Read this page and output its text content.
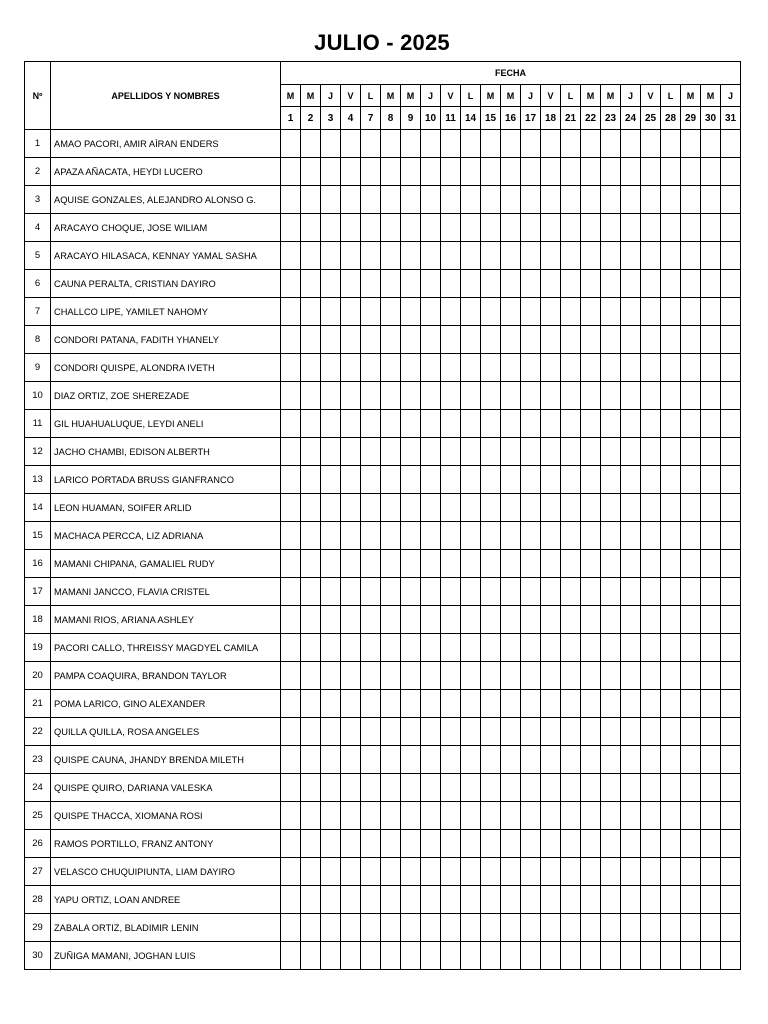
JULIO - 2025
Nº	APELLIDOS Y NOMBRES	FECHA																						
		M	M	J	V	L	M	M	J	V	L	M	M	J	V	L	M	M	J	V	L	M	M	J
		1	2	3	4	7	8	9	10	11	14	15	16	17	18	21	22	23	24	25	28	29	30	31
1	AMAO PACORI, AMIR AÌRAN ENDERS																							
2	APAZA AÑACATA, HEYDI LUCERO																							
3	AQUISE GONZALES, ALEJANDRO ALONSO G.																							
4	ARACAYO CHOQUE, JOSE WILIAM																							
5	ARACAYO HILASACA, KENNAY YAMAL SASHA																							
6	CAUNA PERALTA, CRISTIAN DAYIRO																							
7	CHALLCO LIPE, YAMILET NAHOMY																							
8	CONDORI PATANA, FADITH YHANELY																							
9	CONDORI QUISPE, ALONDRA IVETH																							
10	DIAZ ORTIZ, ZOE SHEREZADE																							
11	GIL HUAHUALUQUE, LEYDI ANELI																							
12	JACHO CHAMBI, EDISON ALBERTH																							
13	LARICO PORTADA BRUSS GIANFRANCO																							
14	LEON HUAMAN, SOIFER ARLID																							
15	MACHACA PERCCA, LIZ ADRIANA																							
16	MAMANI CHIPANA, GAMALIEL RUDY																							
17	MAMANI JANCCO, FLAVIA CRISTEL																							
18	MAMANI RIOS, ARIANA ASHLEY																							
19	PACORI CALLO, THREISSY MAGDYEL CAMILA																							
20	PAMPA COAQUIRA, BRANDON TAYLOR																							
21	POMA LARICO, GINO ALEXANDER																							
22	QUILLA QUILLA, ROSA ANGELES																							
23	QUISPE CAUNA, JHANDY BRENDA MILETH																							
24	QUISPE QUIRO, DARIANA VALESKA																							
25	QUISPE THACCA, XIOMANA ROSI																							
26	RAMOS PORTILLO, FRANZ ANTONY																							
27	VELASCO CHUQUIPIUNTA, LIAM DAYIRO																							
28	YAPU ORTIZ, LOAN ANDREE																							
29	ZABALA ORTIZ, BLADIMIR LENIN																							
30	ZUÑIGA MAMANI, JOGHAN LUIS																							
